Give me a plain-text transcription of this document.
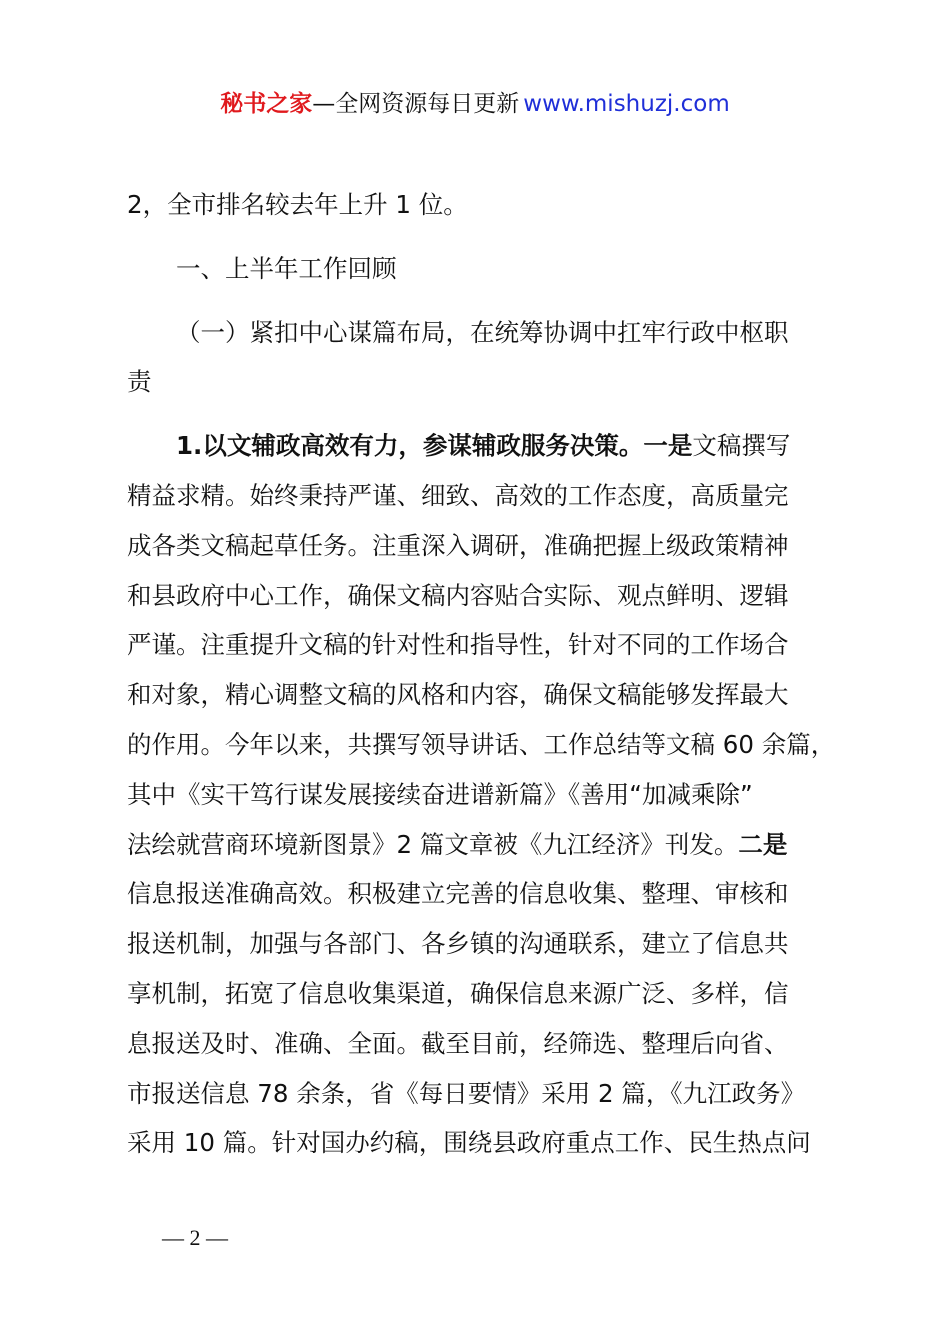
秘书之家—全网资源每日更新 www.mishuzj.com
2，全市排名较去年上升 1 位。
一、上半年工作回顾
（一）紧扣中心谋篇布局，在统筹协调中扛牢行政中枢职
责
1.以文辅政高效有力，参谋辅政服务决策。一是文稿撰写
精益求精。始终秉持严谨、细致、高效的工作态度，高质量完
成各类文稿起草任务。注重深入调研，准确把握上级政策精神
和县政府中心工作，确保文稿内容贴合实际、观点鲜明、逻辑
严谨。注重提升文稿的针对性和指导性，针对不同的工作场合
和对象，精心调整文稿的风格和内容，确保文稿能够发挥最大
的作用。今年以来，共撰写领导讲话、工作总结等文稿 60 余篇，
其中《实干笃行谋发展接续奋进谱新篇》《善用“加减乘除”
法绘就营商环境新图景》2 篇文章被《九江经济》刊发。二是
信息报送准确高效。积极建立完善的信息收集、整理、审核和
报送机制，加强与各部门、各乡镇的沟通联系，建立了信息共
享机制，拓宽了信息收集渠道，确保信息来源广泛、多样，信
息报送及时、准确、全面。截至目前，经筛选、整理后向省、
市报送信息 78 余条，省《每日要情》采用 2 篇，《九江政务》
采用 10 篇。针对国办约稿，围绕县政府重点工作、民生热点问
— 2 —
